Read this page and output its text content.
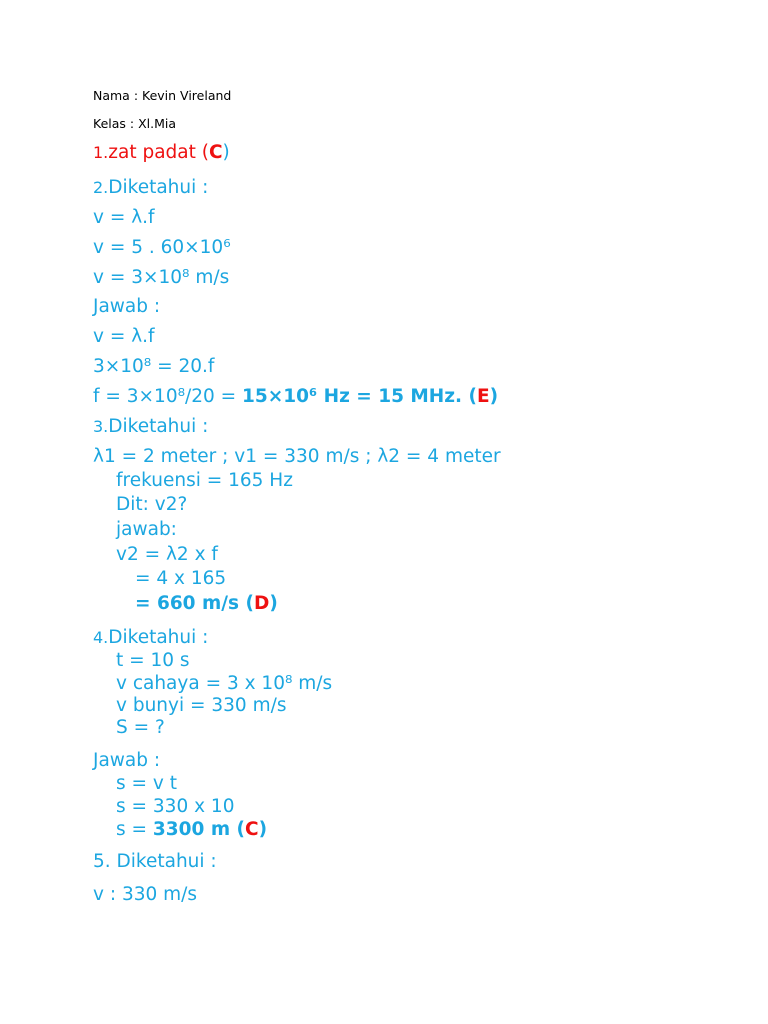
Nama : Kevin Vireland
Kelas : Xl.Mia
1.zat padat (C)
2.Diketahui :
v = λ.f
v = 5 . 60×10⁶
v = 3×10⁸ m/s
Jawab :
v = λ.f
3×10⁸ = 20.f
f = 3×10⁸/20 = 15×10⁶ Hz = 15 MHz. (E)
3.Diketahui :
λ1 = 2 meter ; v1 = 330 m/s ; λ2 = 4 meter
frekuensi = 165 Hz
Dit: v2?
jawab:
v2 = λ2 x f
= 4 x 165
= 660 m/s (D)
4.Diketahui :
t = 10 s
v cahaya = 3 x 10⁸ m/s
v bunyi = 330 m/s
S = ?
Jawab :
s = v t
s = 330 x 10
s = 3300 m (C)
5. Diketahui :
v : 330 m/s
